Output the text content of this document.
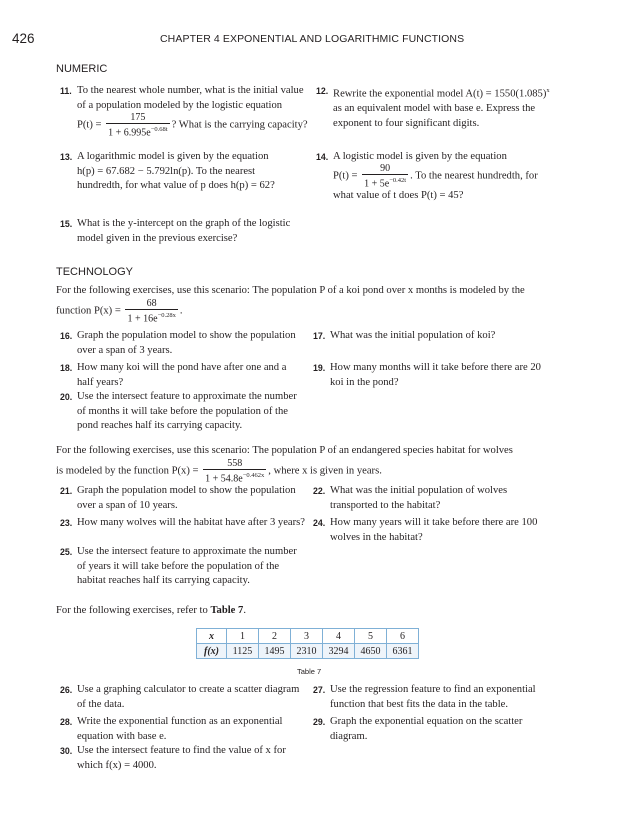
426	CHAPTER 4 EXPONENTIAL AND LOGARITHMIC FUNCTIONS
NUMERIC
11. To the nearest whole number, what is the initial value
of a population modeled by the logistic equation
$P(t) = \frac{175}{1 + 6.995e^{-0.68t}}$ ? What is the carrying capacity?
12. Rewrite the exponential model $A(t) = 1550(1.085)^x$
as an equivalent model with base e. Express the
exponent to four significant digits.
13. A logarithmic model is given by the equation
h(p) = 67.682 − 5.792ln(p). To the nearest
hundredth, for what value of p does h(p) = 62?
14. A logistic model is given by the equation
$P(t) = \frac{90}{1 + 5e^{-0.42t}}$ . To the nearest hundredth, for
what value of t does P(t) = 45?
15. What is the y-intercept on the graph of the logistic
model given in the previous exercise?
TECHNOLOGY
For the following exercises, use this scenario: The population P of a koi pond over x months is modeled by the
function $P(x) = \frac{68}{1 + 16e^{-0.28x}}$ .
16. Graph the population model to show the population
over a span of 3 years.
17. What was the initial population of koi?
18. How many koi will the pond have after one and a
half years?
19. How many months will it take before there are 20
koi in the pond?
20. Use the intersect feature to approximate the number
of months it will take before the population of the
pond reaches half its carrying capacity.
For the following exercises, use this scenario: The population P of an endangered species habitat for wolves
is modeled by the function $P(x) = \frac{558}{1 + 54.8e^{-0.462x}}$ , where x is given in years.
21. Graph the population model to show the population
over a span of 10 years.
22. What was the initial population of wolves
transported to the habitat?
23. How many wolves will the habitat have after 3 years? 24. How many years will it take before there are 100
wolves in the habitat?
25. Use the intersect feature to approximate the number
of years it will take before the population of the
habitat reaches half its carrying capacity.
For the following exercises, refer to Table 7.
x	1	2	3	4	5	6
f(x)	1125	1495	2310	3294	4650	6361
Table 7
26. Use a graphing calculator to create a scatter diagram
of the data.
27. Use the regression feature to find an exponential
function that best fits the data in the table.
28. Write the exponential function as an exponential
equation with base e.
29. Graph the exponential equation on the scatter
diagram.
30. Use the intersect feature to find the value of x for
which f(x) = 4000.
